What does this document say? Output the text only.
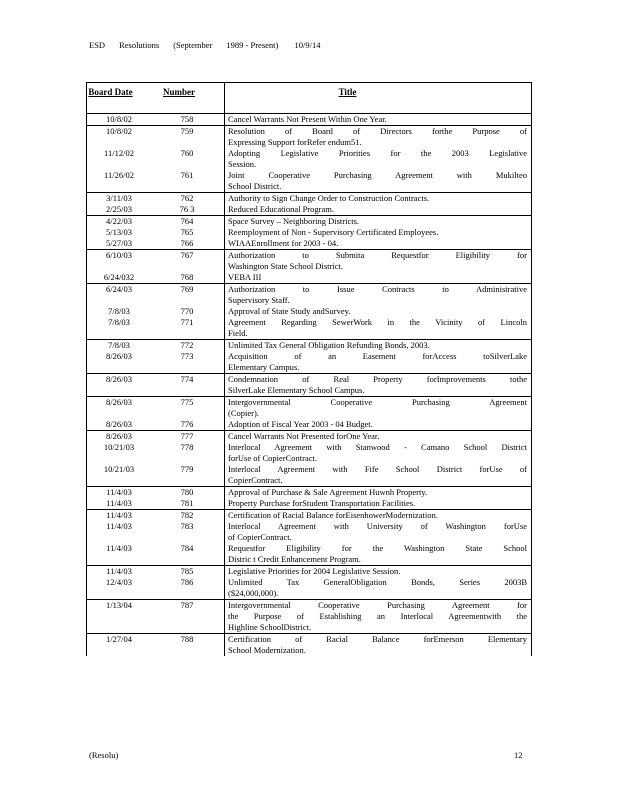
ESD Resolutions (September 1989 - Present) 10/9/14
Board Date	Number	Title
10/8/02	758	Cancel Warrants Not Present Within One Year.
10/8/02	759	Resolution of Board of Directors forthe Purpose of
Expressing Support forRefer endum51.
11/12/02	760	Adopting Legislative Priorities for the 2003 Legislative
Session.
11/26/02	761	Joint Cooperative Purchasing Agreement with Mukilteo
School District.
3/11/03	762	Authority to Sign Change Order to Construction Contracts.
2/25/03	76 3	Reduced Educational Program.
4/22/03	764	Space Survey – Neighboring Districts.
5/13/03	765	Reemployment of Non - Supervisory Certificated Employees.
5/27/03	766	WIAAEnrollment for 2003 - 04.
6/10/03	767	Authorization to Submita Requestfor Eligibility for
Washington State School District.
6/24/032	768	VEBA III
6/24/03	769	Authorization to Issue Contracts to Administrative
Supervisory Staff.
7/8/03	770	Approval of State Study andSurvey.
7/8/03	771	Agreement Regarding SewerWork in the Vicinity of Lincoln
Field.
7/8/03	772	Unlimited Tax General Obligation Refunding Bonds, 2003.
8/26/03	773	Acquisition of an Easement forAccess toSilverLake
Elementary Campus.
8/26/03	774	Condemnation of Real Property forImprovements tothe
SilverLake Elementary School Campus.
8/26/03	775	Intergovernmental Cooperative Purchasing Agreement
(Copier).
8/26/03	776	Adoption of Fiscal Year 2003 - 04 Budget.
8/26/03	777	Cancel Warrants Not Presented forOne Year.
10/21/03	778	Interlocal Agreement with Stanwood - Camano School District
forUse of CopierContract.
10/21/03	779	Interlocal Agreement with Fife School District forUse of
CopierContract.
11/4/03	780	Approval of Purchase & Sale Agreement Huwnh Property.
11/4/03	781	Property Purchase forStudent Transportation Facilities.
11/4/03	782	Certification of Racial Balance forEisenhowerModernization.
11/4/03	783	Interlocal Agreement with University of Washington forUse
of CopierContract.
11/4/03	784	Requestfor Eligibility for the Washington State School
Distric t Credit Enhancement Program.
11/4/03	785	Legislative Priorities for 2004 Legislative Session.
12/4/03	786	Unlimited Tax GeneralObligation Bonds, Series 2003B
($24,000,000).
1/13/04	787	Intergovernmental Cooperative Purchasing Agreement for
the Purpose of Establishing an Interlocal Agreementwith the
Highline SchoolDistrict.
1/27/04	788	Certification of Racial Balance forEmerson Elementary
School Modernization.
(Resolu)	12
